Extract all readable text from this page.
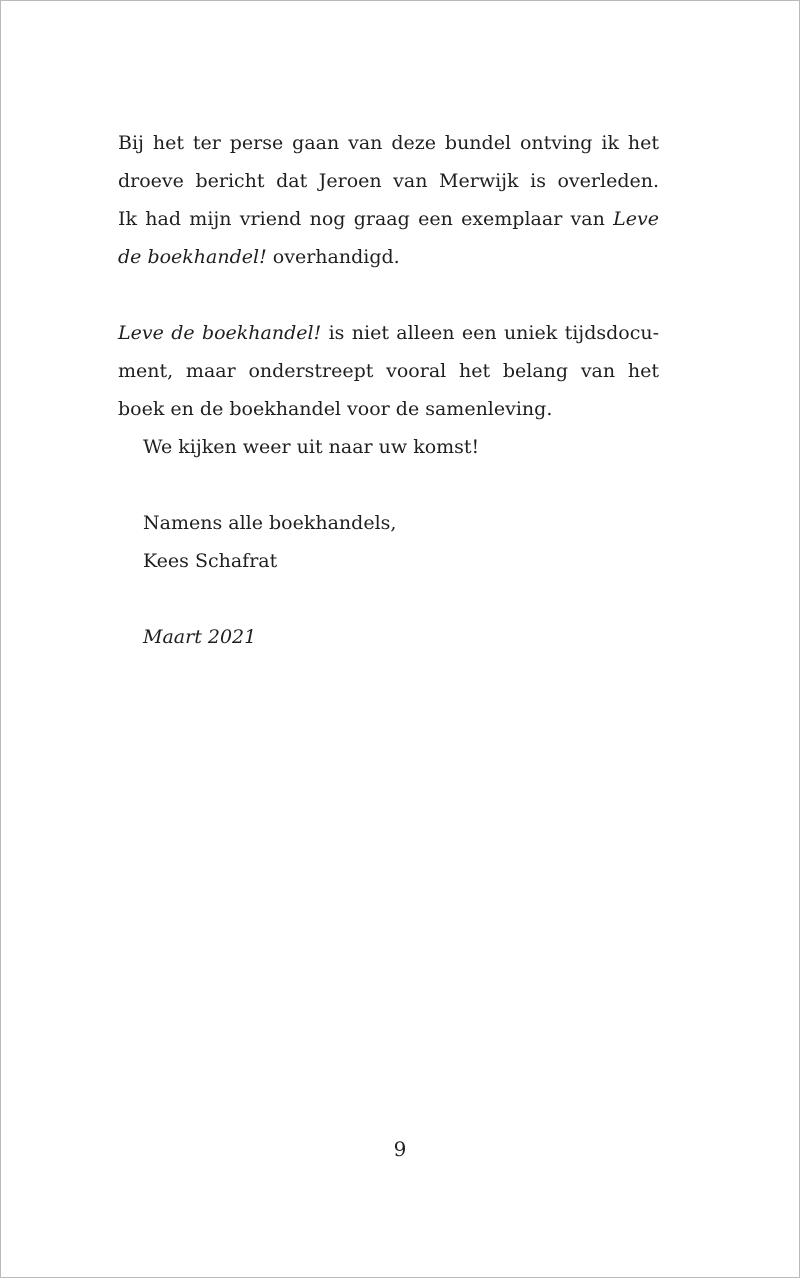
Bij het ter perse gaan van deze bundel ontving ik het
droeve bericht dat Jeroen van Merwijk is overleden.
Ik had mijn vriend nog graag een exemplaar van Leve
de boekhandel! overhandigd.
Leve de boekhandel! is niet alleen een uniek tijdsdocu-
ment, maar onderstreept vooral het belang van het
boek en de boekhandel voor de samenleving.
We kijken weer uit naar uw komst!
Namens alle boekhandels,
Kees Schafrat
Maart 2021
9
